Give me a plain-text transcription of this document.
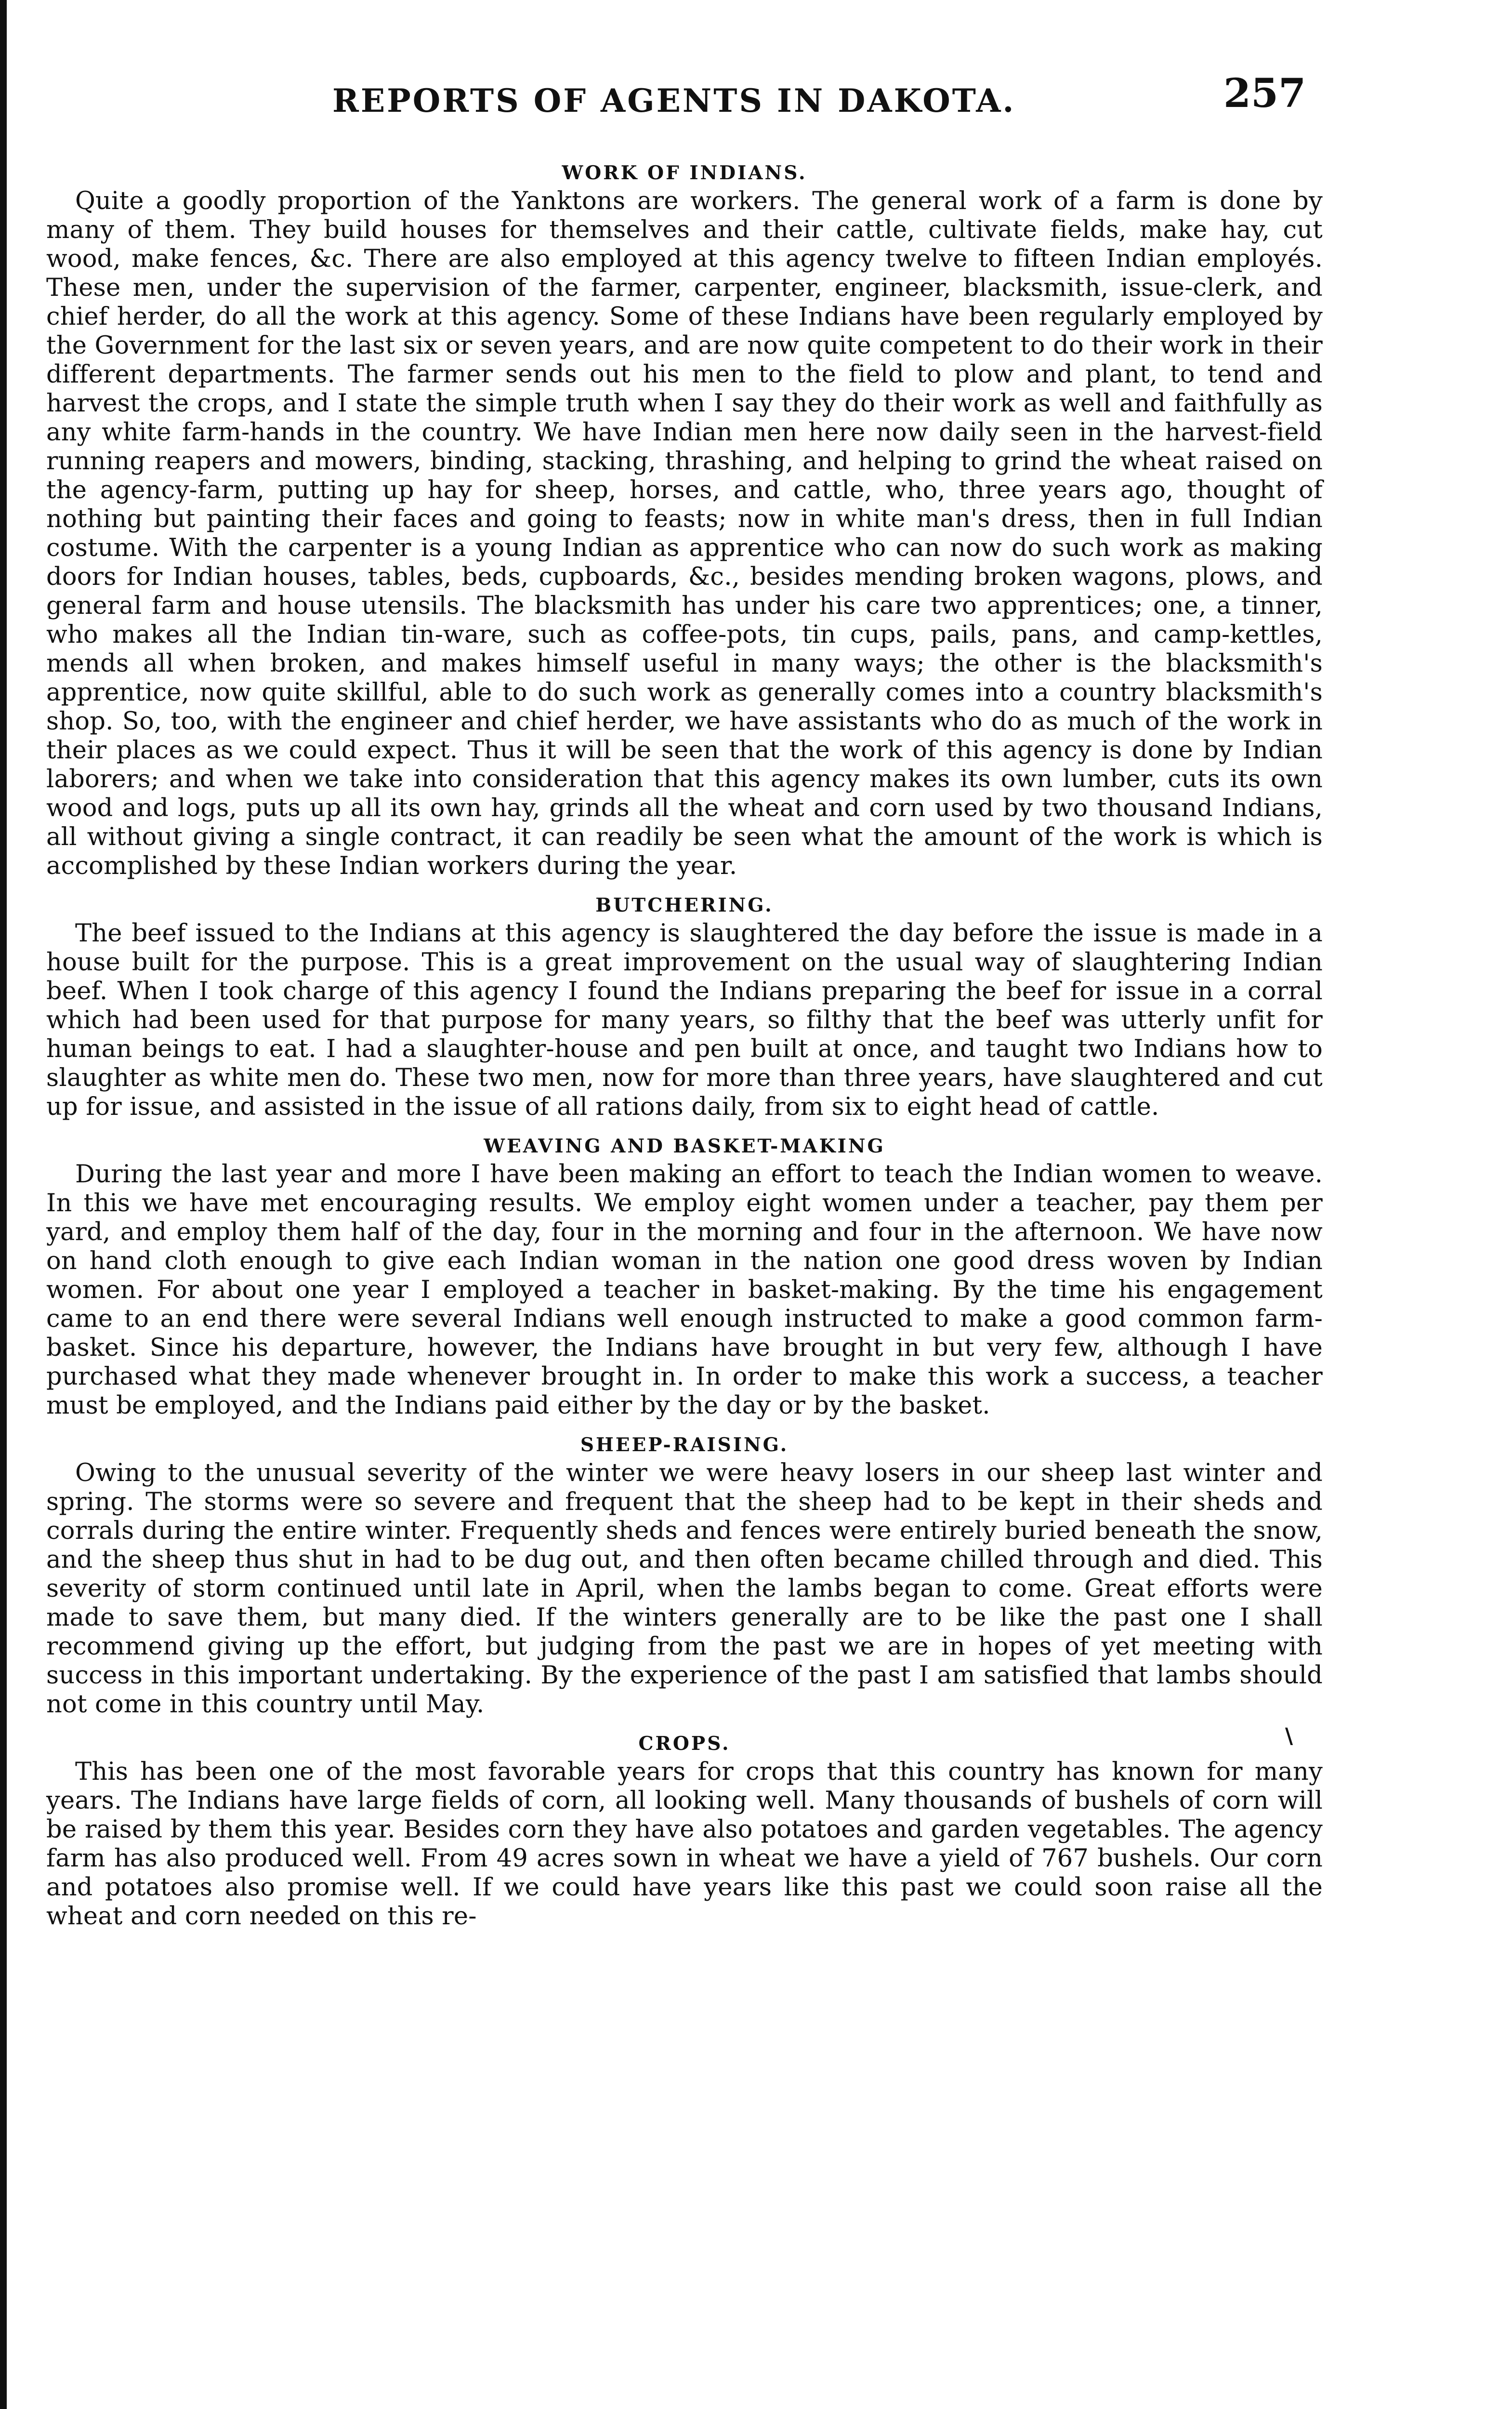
REPORTS OF AGENTS IN DAKOTA.	257
WORK OF INDIANS.

Quite a goodly proportion of the Yanktons are workers. The general work of a farm is done by many of them. They build houses for themselves and their cattle, cultivate fields, make hay, cut wood, make fences, &c. There are also employed at this agency twelve to fifteen Indian employés. These men, under the supervision of the farmer, carpenter, engineer, blacksmith, issue-clerk, and chief herder, do all the work at this agency. Some of these Indians have been regularly employed by the Government for the last six or seven years, and are now quite competent to do their work in their different departments. The farmer sends out his men to the field to plow and plant, to tend and harvest the crops, and I state the simple truth when I say they do their work as well and faithfully as any white farm-hands in the country. We have Indian men here now daily seen in the harvest-field running reapers and mowers, binding, stacking, thrashing, and helping to grind the wheat raised on the agency-farm, putting up hay for sheep, horses, and cattle, who, three years ago, thought of nothing but painting their faces and going to feasts; now in white man's dress, then in full Indian costume. With the carpenter is a young Indian as apprentice who can now do such work as making doors for Indian houses, tables, beds, cupboards, &c., besides mending broken wagons, plows, and general farm and house utensils. The blacksmith has under his care two apprentices; one, a tinner, who makes all the Indian tin-ware, such as coffee-pots, tin cups, pails, pans, and camp-kettles, mends all when broken, and makes himself useful in many ways; the other is the blacksmith's apprentice, now quite skillful, able to do such work as generally comes into a country blacksmith's shop. So, too, with the engineer and chief herder, we have assistants who do as much of the work in their places as we could expect. Thus it will be seen that the work of this agency is done by Indian laborers; and when we take into consideration that this agency makes its own lumber, cuts its own wood and logs, puts up all its own hay, grinds all the wheat and corn used by two thousand Indians, all without giving a single contract, it can readily be seen what the amount of the work is which is accomplished by these Indian workers during the year.

BUTCHERING.

The beef issued to the Indians at this agency is slaughtered the day before the issue is made in a house built for the purpose. This is a great improvement on the usual way of slaughtering Indian beef. When I took charge of this agency I found the Indians preparing the beef for issue in a corral which had been used for that purpose for many years, so filthy that the beef was utterly unfit for human beings to eat. I had a slaughter-house and pen built at once, and taught two Indians how to slaughter as white men do. These two men, now for more than three years, have slaughtered and cut up for issue, and assisted in the issue of all rations daily, from six to eight head of cattle.

WEAVING AND BASKET-MAKING

During the last year and more I have been making an effort to teach the Indian women to weave. In this we have met encouraging results. We employ eight women under a teacher, pay them per yard, and employ them half of the day, four in the morning and four in the afternoon. We have now on hand cloth enough to give each Indian woman in the nation one good dress woven by Indian women. For about one year I employed a teacher in basket-making. By the time his engagement came to an end there were several Indians well enough instructed to make a good common farm-basket. Since his departure, however, the Indians have brought in but very few, although I have purchased what they made whenever brought in. In order to make this work a success, a teacher must be employed, and the Indians paid either by the day or by the basket.

SHEEP-RAISING.

Owing to the unusual severity of the winter we were heavy losers in our sheep last winter and spring. The storms were so severe and frequent that the sheep had to be kept in their sheds and corrals during the entire winter. Frequently sheds and fences were entirely buried beneath the snow, and the sheep thus shut in had to be dug out, and then often became chilled through and died. This severity of storm continued until late in April, when the lambs began to come. Great efforts were made to save them, but many died. If the winters generally are to be like the past one I shall recommend giving up the effort, but judging from the past we are in hopes of yet meeting with success in this important undertaking. By the experience of the past I am satisfied that lambs should not come in this country until May.

CROPS.

This has been one of the most favorable years for crops that this country has known for many years. The Indians have large fields of corn, all looking well. Many thousands of bushels of corn will be raised by them this year. Besides corn they have also potatoes and garden vegetables. The agency farm has also produced well. From 49 acres sown in wheat we have a yield of 767 bushels. Our corn and potatoes also promise well. If we could have years like this past we could soon raise all the wheat and corn needed on this re-

\
